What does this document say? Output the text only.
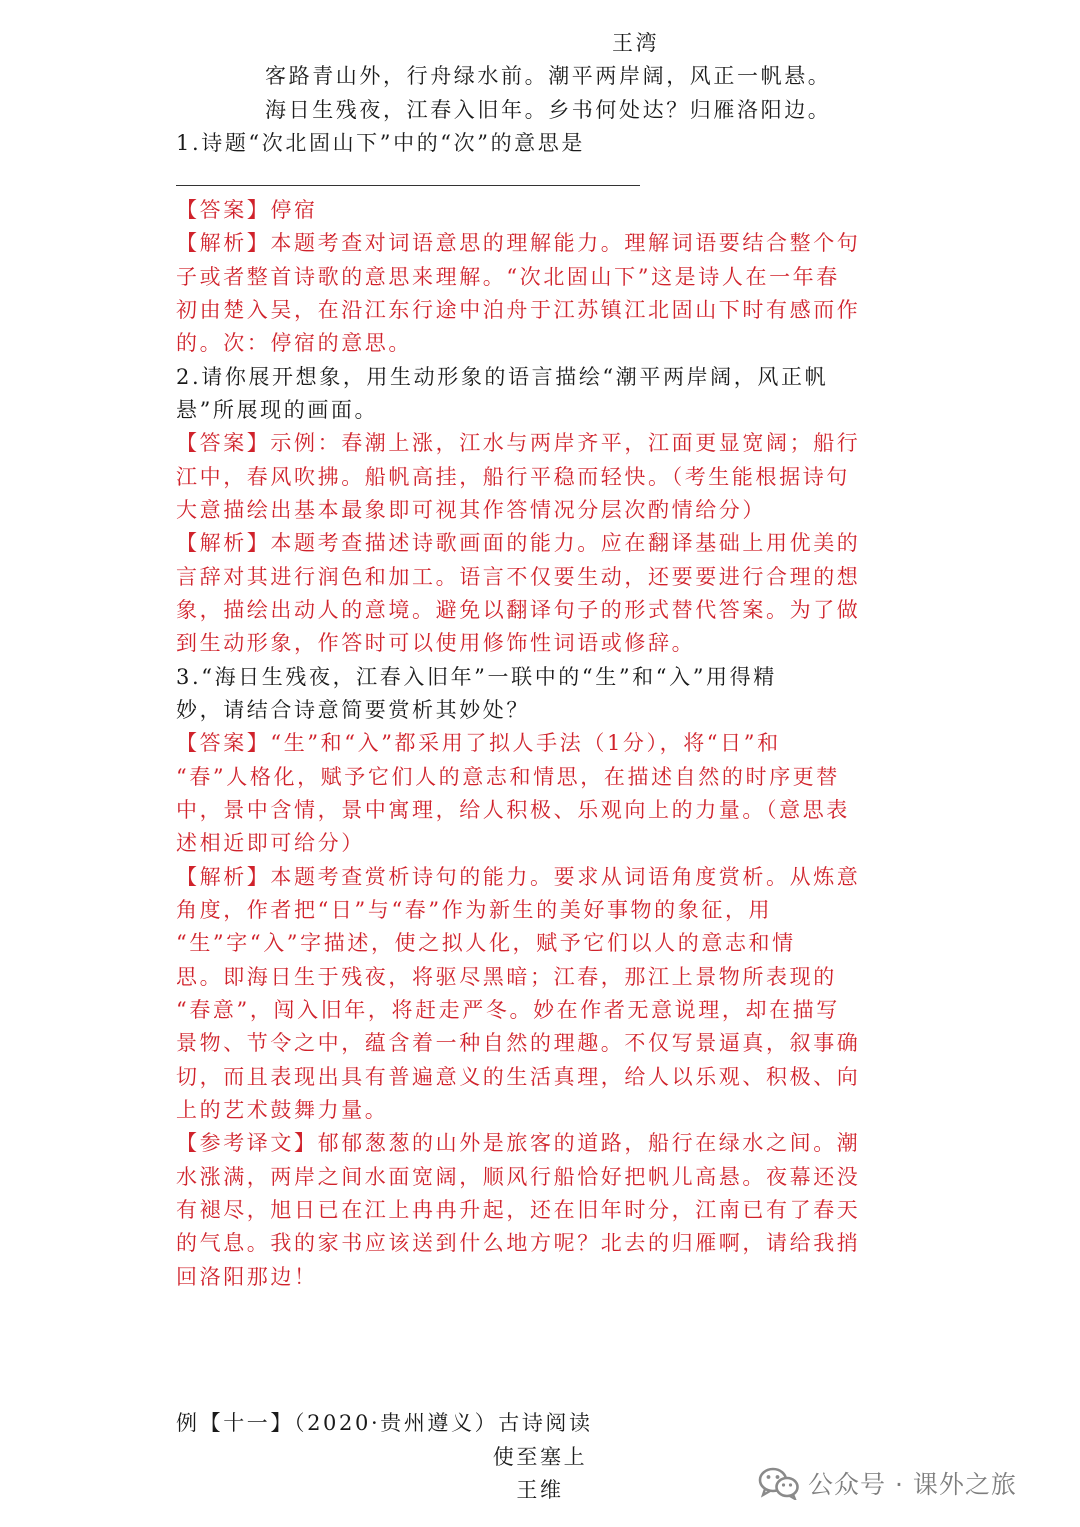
王湾
客路青山外，行舟绿水前。潮平两岸阔，风正一帆悬。
海日生残夜，江春入旧年。乡书何处达？归雁洛阳边。
1.诗题“次北固山下”中的“次”的意思是
【答案】停宿
【解析】本题考查对词语意思的理解能力。理解词语要结合整个句
子或者整首诗歌的意思来理解。“次北固山下”这是诗人在一年春
初由楚入吴，在沿江东行途中泊舟于江苏镇江北固山下时有感而作
的。次：停宿的意思。
2.请你展开想象，用生动形象的语言描绘“潮平两岸阔，风正帆
悬”所展现的画面。
【答案】示例：春潮上涨，江水与两岸齐平，江面更显宽阔；船行
江中，春风吹拂。船帆高挂，船行平稳而轻快。（考生能根据诗句
大意描绘出基本最象即可视其作答情况分层次酌情给分）
【解析】本题考查描述诗歌画面的能力。应在翻译基础上用优美的
言辞对其进行润色和加工。语言不仅要生动，还要要进行合理的想
象，描绘出动人的意境。避免以翻译句子的形式替代答案。为了做
到生动形象，作答时可以使用修饰性词语或修辞。
3.“海日生残夜，江春入旧年”一联中的“生”和“入”用得精
妙，请结合诗意简要赏析其妙处？
【答案】“生”和“入”都采用了拟人手法（1分），将“日”和
“春”人格化，赋予它们人的意志和情思，在描述自然的时序更替
中，景中含情，景中寓理，给人积极、乐观向上的力量。（意思表
述相近即可给分）
【解析】本题考查赏析诗句的能力。要求从词语角度赏析。从炼意
角度，作者把“日”与“春”作为新生的美好事物的象征，用
“生”字“入”字描述，使之拟人化，赋予它们以人的意志和情
思。即海日生于残夜，将驱尽黑暗；江春，那江上景物所表现的
“春意”，闯入旧年，将赶走严冬。妙在作者无意说理，却在描写
景物、节令之中，蕴含着一种自然的理趣。不仅写景逼真，叙事确
切，而且表现出具有普遍意义的生活真理，给人以乐观、积极、向
上的艺术鼓舞力量。
【参考译文】郁郁葱葱的山外是旅客的道路，船行在绿水之间。潮
水涨满，两岸之间水面宽阔，顺风行船恰好把帆儿高悬。夜幕还没
有褪尽，旭日已在江上冉冉升起，还在旧年时分，江南已有了春天
的气息。我的家书应该送到什么地方呢？北去的归雁啊，请给我捎
回洛阳那边！
例【十一】（2020·贵州遵义）古诗阅读
使至塞上
王维	公众号 · 课外之旅
